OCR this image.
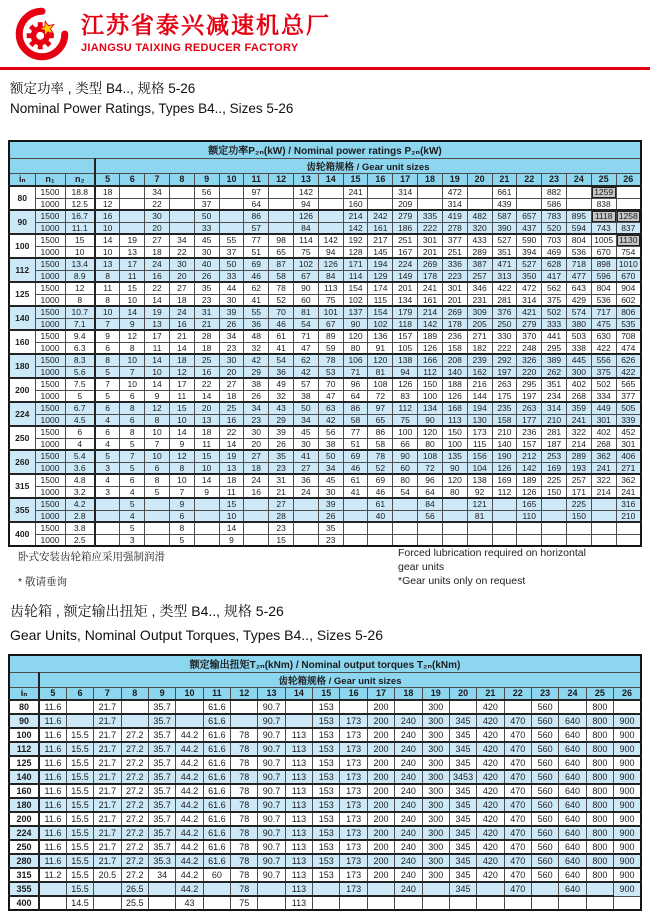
江苏省泰兴减速机总厂
JIANGSU TAIXING REDUCER FACTORY
额定功率 , 类型 B4.., 规格 5-26
Nominal Power Ratings, Types B4.., Sizes 5-26
额定功率P₂ₙ(kW) / Nominal power ratings P₂ₙ(kW)																								
			齿轮箱规格 / Gear unit sizes																					
iₙ	n₁	n₂	5	6	7	8	9	10	11	12	13	14	15	16	17	18	19	20	21	22	23	24	25	26
80	1500	18.8	18		34		56		97		142		241		314		472		661		882		1259	
	1000	12.5	12		22		37		64		94		160		209		314		439		586		838	
90	1500	16.7	16		30		50		86		126		214	242	279	335	419	482	587	657	783	895	1118	1258
	1000	11.1	10		20		33		57		84		142	161	186	222	278	320	390	437	520	594	743	837
100	1500	15	14	19	27	34	45	55	77	98	114	142	192	217	251	301	377	433	527	590	703	804	1005	1130
	1000	10	10	13	18	22	30	37	51	65	75	94	128	145	167	201	251	289	351	394	469	536	670	754
112	1500	13.4	13	17	24	30	40	50	69	87	102	126	171	194	224	269	336	387	471	527	628	718	898	1010
	1000	8.9	8	11	16	20	26	33	46	58	67	84	114	129	149	178	223	257	313	350	417	477	596	670
125	1500	12	11	15	22	27	35	44	62	78	90	113	154	174	201	241	301	346	422	472	562	643	804	904
	1000	8	8	10	14	18	23	30	41	52	60	75	102	115	134	161	201	231	281	314	375	429	536	602
140	1500	10.7	10	14	19	24	31	39	55	70	81	101	137	154	179	214	269	309	376	421	502	574	717	806
	1000	7.1	7	9	13	16	21	26	36	46	54	67	90	102	118	142	178	205	250	279	333	380	475	535
160	1500	9.4	9	12	17	21	28	34	48	61	71	89	120	136	157	189	236	271	330	370	441	503	630	708
	1000	6.3	6	8	11	14	18	23	32	41	47	59	80	91	105	126	158	182	222	248	295	338	422	474
180	1500	8.3	8	10	14	18	25	30	42	54	62	78	106	120	138	166	208	239	292	326	389	445	556	626
	1000	5.6	5	7	10	12	16	20	29	36	42	53	71	81	94	112	140	162	197	220	262	300	375	422
200	1500	7.5	7	10	14	17	22	27	38	49	57	70	96	108	126	150	188	216	263	295	351	402	502	565
	1000	5	5	6	9	11	14	18	26	32	38	47	64	72	83	100	126	144	175	197	234	268	334	377
224	1500	6.7	6	8	12	15	20	25	34	43	50	63	86	97	112	134	168	194	235	263	314	359	449	505
	1000	4.5	4	6	8	10	13	16	23	29	34	42	58	65	75	90	113	130	158	177	210	241	301	339
250	1500	6	6	8	10	14	18	22	30	39	45	56	77	86	100	120	150	173	210	236	281	322	402	452
	1000	4	4	5	7	9	11	14	20	26	30	38	51	58	66	80	100	115	140	157	187	214	268	301
260	1500	5.4	5	7	10	12	15	19	27	35	41	50	69	78	90	108	135	156	190	212	253	289	362	406
	1000	3.6	3	5	6	8	10	13	18	23	27	34	46	52	60	72	90	104	126	142	169	193	241	271
315	1500	4.8	4	6	8	10	14	18	24	31	36	45	61	69	80	96	120	138	169	189	225	257	322	362
	1000	3.2	3	4	5	7	9	11	16	21	24	30	41	46	54	64	80	92	112	126	150	171	214	241
355	1500	4.2		5		9		15		27		39		61		84		121		165		225		316
	1000	2.8		4		6		10		28		26		40		56		81		110		150		210
400	1500	3.8		5		8		14		23		35												
	1000	2.5		3		5		9		15		23												
卧式安装齿轮箱应采用强制润滑
* 敬请垂询
Forced lubrication required on horizontal
gear units
*Gear units only on request
齿轮箱 , 额定输出扭矩 , 类型 B4.., 规格 5-26
Gear Units, Nominal Output Torques, Types B4.., Sizes 5-26
额定输出扭矩T₂ₙ(kNm) / Nominal output torques T₂ₙ(kNm)																						
	齿轮箱规格 / Gear unit sizes																					
iₙ	5	6	7	8	9	10	11	12	13	14	15	16	17	18	19	20	21	22	23	24	25	26
80	11.6		21.7		35.7		61.6		90.7		153		200		300		420		560		800	
90	11.6		21.7		35.7		61.6		90.7		153	173	200	240	300	345	420	470	560	640	800	900
100	11.6	15.5	21.7	27.2	35.7	44.2	61.6	78	90.7	113	153	173	200	240	300	345	420	470	560	640	800	900
112	11.6	15.5	21.7	27.2	35.7	44.2	61.6	78	90.7	113	153	173	200	240	300	345	420	470	560	640	800	900
125	11.6	15.5	21.7	27.2	35.7	44.2	61.6	78	90.7	113	153	173	200	240	300	345	420	470	560	640	800	900
140	11.6	15.5	21.7	27.2	35.7	44.2	61.6	78	90.7	113	153	173	200	240	300	3453	420	470	560	640	800	900
160	11.6	15.5	21.7	27.2	35.7	44.2	61.6	78	90.7	113	153	173	200	240	300	345	420	470	560	640	800	900
180	11.6	15.5	21.7	27.2	35.7	44.2	61.6	78	90.7	113	153	173	200	240	300	345	420	470	560	640	800	900
200	11.6	15.5	21.7	27.2	35.7	44.2	61.6	78	90.7	113	153	173	200	240	300	345	420	470	560	640	800	900
224	11.6	15.5	21.7	27.2	35.7	44.2	61.6	78	90.7	113	153	173	200	240	300	345	420	470	560	640	800	900
250	11.6	15.5	21.7	27.2	35.7	44.2	61.6	78	90.7	113	153	173	200	240	300	345	420	470	560	640	800	900
280	11.6	15.5	21.7	27.2	35.3	44.2	61.6	78	90.7	113	153	173	200	240	300	345	420	470	560	640	800	900
315	11.2	15.5	20.5	27.2	34	44.2	60	78	90.7	113	153	173	200	240	300	345	420	470	560	640	800	900
355		15.5		26.5		44.2		78		113		173		240		345		470		640		900
400		14.5		25.5		43		75		113												
